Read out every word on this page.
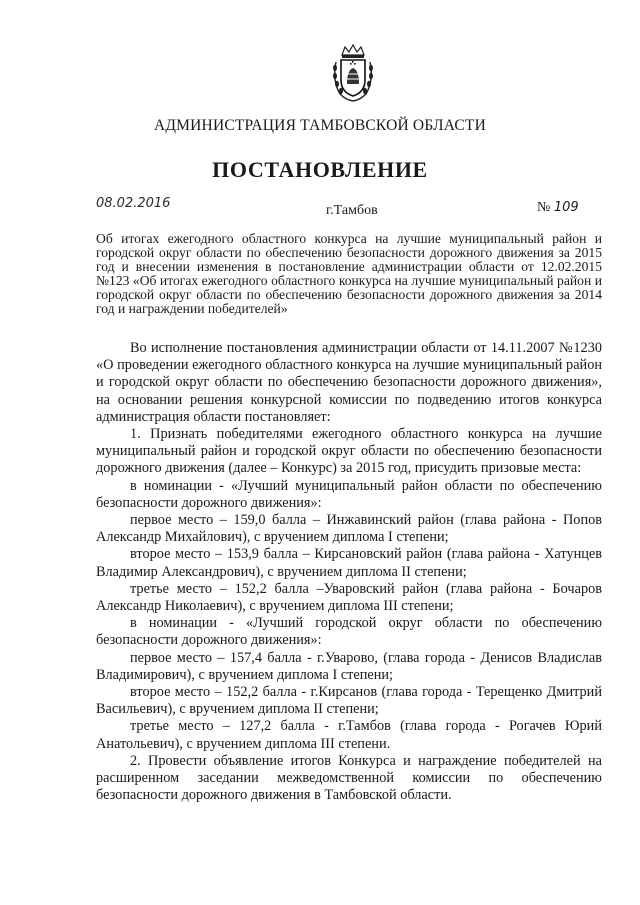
АДМИНИСТРАЦИЯ ТАМБОВСКОЙ ОБЛАСТИ
ПОСТАНОВЛЕНИЕ
08.02.2016	г.Тамбов	№ 109
Об итогах ежегодного областного конкурса на лучшие муниципальный район и городской округ области по обеспечению безопасности дорожного движения за 2015 год и внесении изменения в постановление администрации области от 12.02.2015 №123 «Об итогах ежегодного областного конкурса на лучшие муниципальный район и городской округ области по обеспечению безопасности дорожного движения за 2014 год и награждении победителей»

Во исполнение постановления администрации области от 14.11.2007 №1230 «О проведении ежегодного областного конкурса на лучшие муниципальный район и городской округ области по обеспечению безопасности дорожного движения», на основании решения конкурсной комиссии по подведению итогов конкурса администрация области постановляет:

1. Признать победителями ежегодного областного конкурса на лучшие муниципальный район и городской округ области по обеспечению безопасности дорожного движения (далее – Конкурс) за 2015 год, присудить призовые места:

в номинации - «Лучший муниципальный район области по обеспечению безопасности дорожного движения»:

первое место – 159,0 балла – Инжавинский район (глава района - Попов Александр Михайлович), с вручением диплома I степени;

второе место – 153,9 балла – Кирсановский район (глава района - Хатунцев Владимир Александрович), с вручением диплома II степени;

третье место – 152,2 балла –Уваровский район (глава района - Бочаров Александр Николаевич), с вручением диплома III степени;

в номинации - «Лучший городской округ области по обеспечению безопасности дорожного движения»:

первое место – 157,4 балла - г.Уварово, (глава города - Денисов Владислав Владимирович), с вручением диплома I степени;

второе место – 152,2 балла - г.Кирсанов (глава города - Терещенко Дмитрий Васильевич), с вручением диплома II степени;

третье место – 127,2 балла - г.Тамбов (глава города - Рогачев Юрий Анатольевич), с вручением диплома III степени.

2. Провести объявление итогов Конкурса и награждение победителей на расширенном заседании межведомственной комиссии по обеспечению безопасности дорожного движения в Тамбовской области.
